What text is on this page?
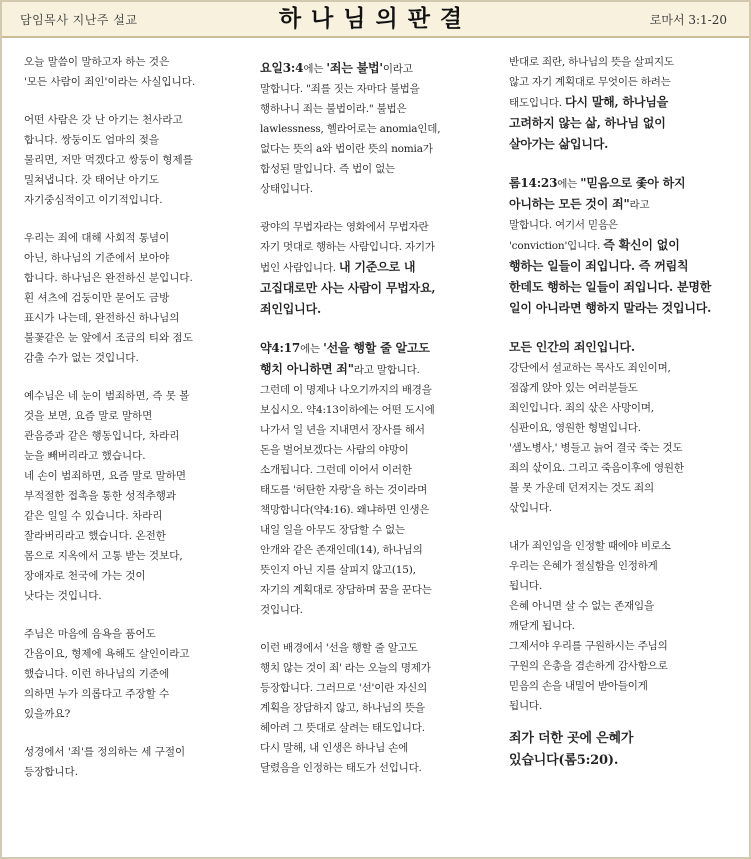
담임목사 지난주 설교	하나님의판결	로마서 3:1-20
오늘 말씀이 말하고자 하는 것은
'모든 사람이 죄인'이라는 사실입니다.
어떤 사람은 갓 난 아기는 천사라고
합니다. 쌍둥이도 엄마의 젖을
물리면, 저만 먹겠다고 쌍둥이 형제를
밀쳐냅니다. 갓 태어난 아기도
자기중심적이고 이기적입니다.
우리는 죄에 대해 사회적 통념이
아닌, 하나님의 기준에서 보아야
합니다. 하나님은 완전하신 분입니다.
흰 셔츠에 검둥이만 묻어도 금방
표시가 나는데, 완전하신 하나님의
불꽃같은 눈 앞에서 조금의 티와 점도
감출 수가 없는 것입니다.
예수님은 네 눈이 범죄하면, 즉 못 볼
것을 보면, 요즘 말로 말하면
관음증과 같은 행동입니다, 차라리
눈을 빼버리라고 했습니다.
네 손이 범죄하면, 요즘 말로 말하면
부적절한 접촉을 통한 성적추행과
같은 일일 수 있습니다. 차라리
잘라버리라고 했습니다. 온전한
몸으로 지옥에서 고통 받는 것보다,
장애자로 천국에 가는 것이
낫다는 것입니다.
주님은 마음에 음욕을 품어도
간음이요, 형제에 욕해도 살인이라고
했습니다. 이런 하나님의 기준에
의하면 누가 의롭다고 주장할 수
있을까요?
성경에서 '죄'를 정의하는 세 구절이
등장합니다.
요일3:4에는 '죄는 불법'이라고
말합니다. "죄를 짓는 자마다 불법을
행하나니 죄는 불법이라." 불법은
lawlessness, 헬라어로는 anomia인데,
없다는 뜻의 a와 법이란 뜻의 nomia가
합성된 말입니다. 즉 법이 없는
상태입니다.
광야의 무법자라는 영화에서 무법자란
자기 멋대로 행하는 사람입니다. 자기가
법인 사람입니다. 내 기준으로 내
고집대로만 사는 사람이 무법자요,
죄인입니다.
약4:17에는 '선을 행할 줄 알고도
행치 아니하면 죄"라고 말합니다.
그런데 이 명제나 나오기까지의 배경을
보십시오. 약4:13이하에는 어떤 도시에
나가서 일 년을 지내면서 장사를 해서
돈을 벌어보겠다는 사람의 야망이
소개됩니다. 그런데 이어서 이러한
태도를 '허탄한 자랑'을 하는 것이라며
책망합니다(약4:16). 왜냐하면 인생은
내일 일을 아무도 장담할 수 없는
안개와 같은 존재인데(14), 하나님의
뜻인지 아닌 지를 살피지 않고(15),
자기의 계획대로 장담하며 꿈을 꾼다는
것입니다.
이런 배경에서 '선을 행할 줄 알고도
행치 않는 것이 죄' 라는 오늘의 명제가
등장합니다. 그러므로 '선'이란 자신의
계획을 장담하지 않고, 하나님의 뜻을
헤아려 그 뜻대로 살려는 태도입니다.
다시 말해, 내 인생은 하나님 손에
달렸음을 인정하는 태도가 선입니다.
반대로 죄란, 하나님의 뜻을 살피지도
않고 자기 계획대로 무엇이든 하려는
태도입니다. 다시 말해, 하나님을
고려하지 않는 삶, 하나님 없이
살아가는 삶입니다.
롬14:23에는 "믿음으로 좇아 하지
아니하는 모든 것이 죄"라고
말합니다. 여기서 믿음은
'conviction'입니다. 즉 확신이 없이
행하는 일들이 죄입니다. 즉 꺼림칙
한데도 행하는 일들이 죄입니다. 분명한
일이 아니라면 행하지 말라는 것입니다.
모든 인간의 죄인입니다.
강단에서 설교하는 목사도 죄인이며,
점잖게 앉아 있는 여러분들도
죄인입니다. 죄의 삯은 사망이며,
심판이요, 영원한 형벌입니다.
'샘노병사,' 병들고 늙어 결국 죽는 것도
죄의 삯이요. 그리고 죽음이후에 영원한
불 못 가운데 던져지는 것도 죄의
삯입니다.
내가 죄인임을 인정할 때에야 비로소
우리는 은혜가 절실함을 인정하게
됩니다.
은혜 아니면 살 수 없는 존재임을
깨닫게 됩니다.
그제서야 우리를 구원하시는 주님의
구원의 은총을 겸손하게 감사함으로
믿음의 손을 내밀어 받아들이게
됩니다.
죄가 더한 곳에 은혜가
있습니다(롬5:20).
